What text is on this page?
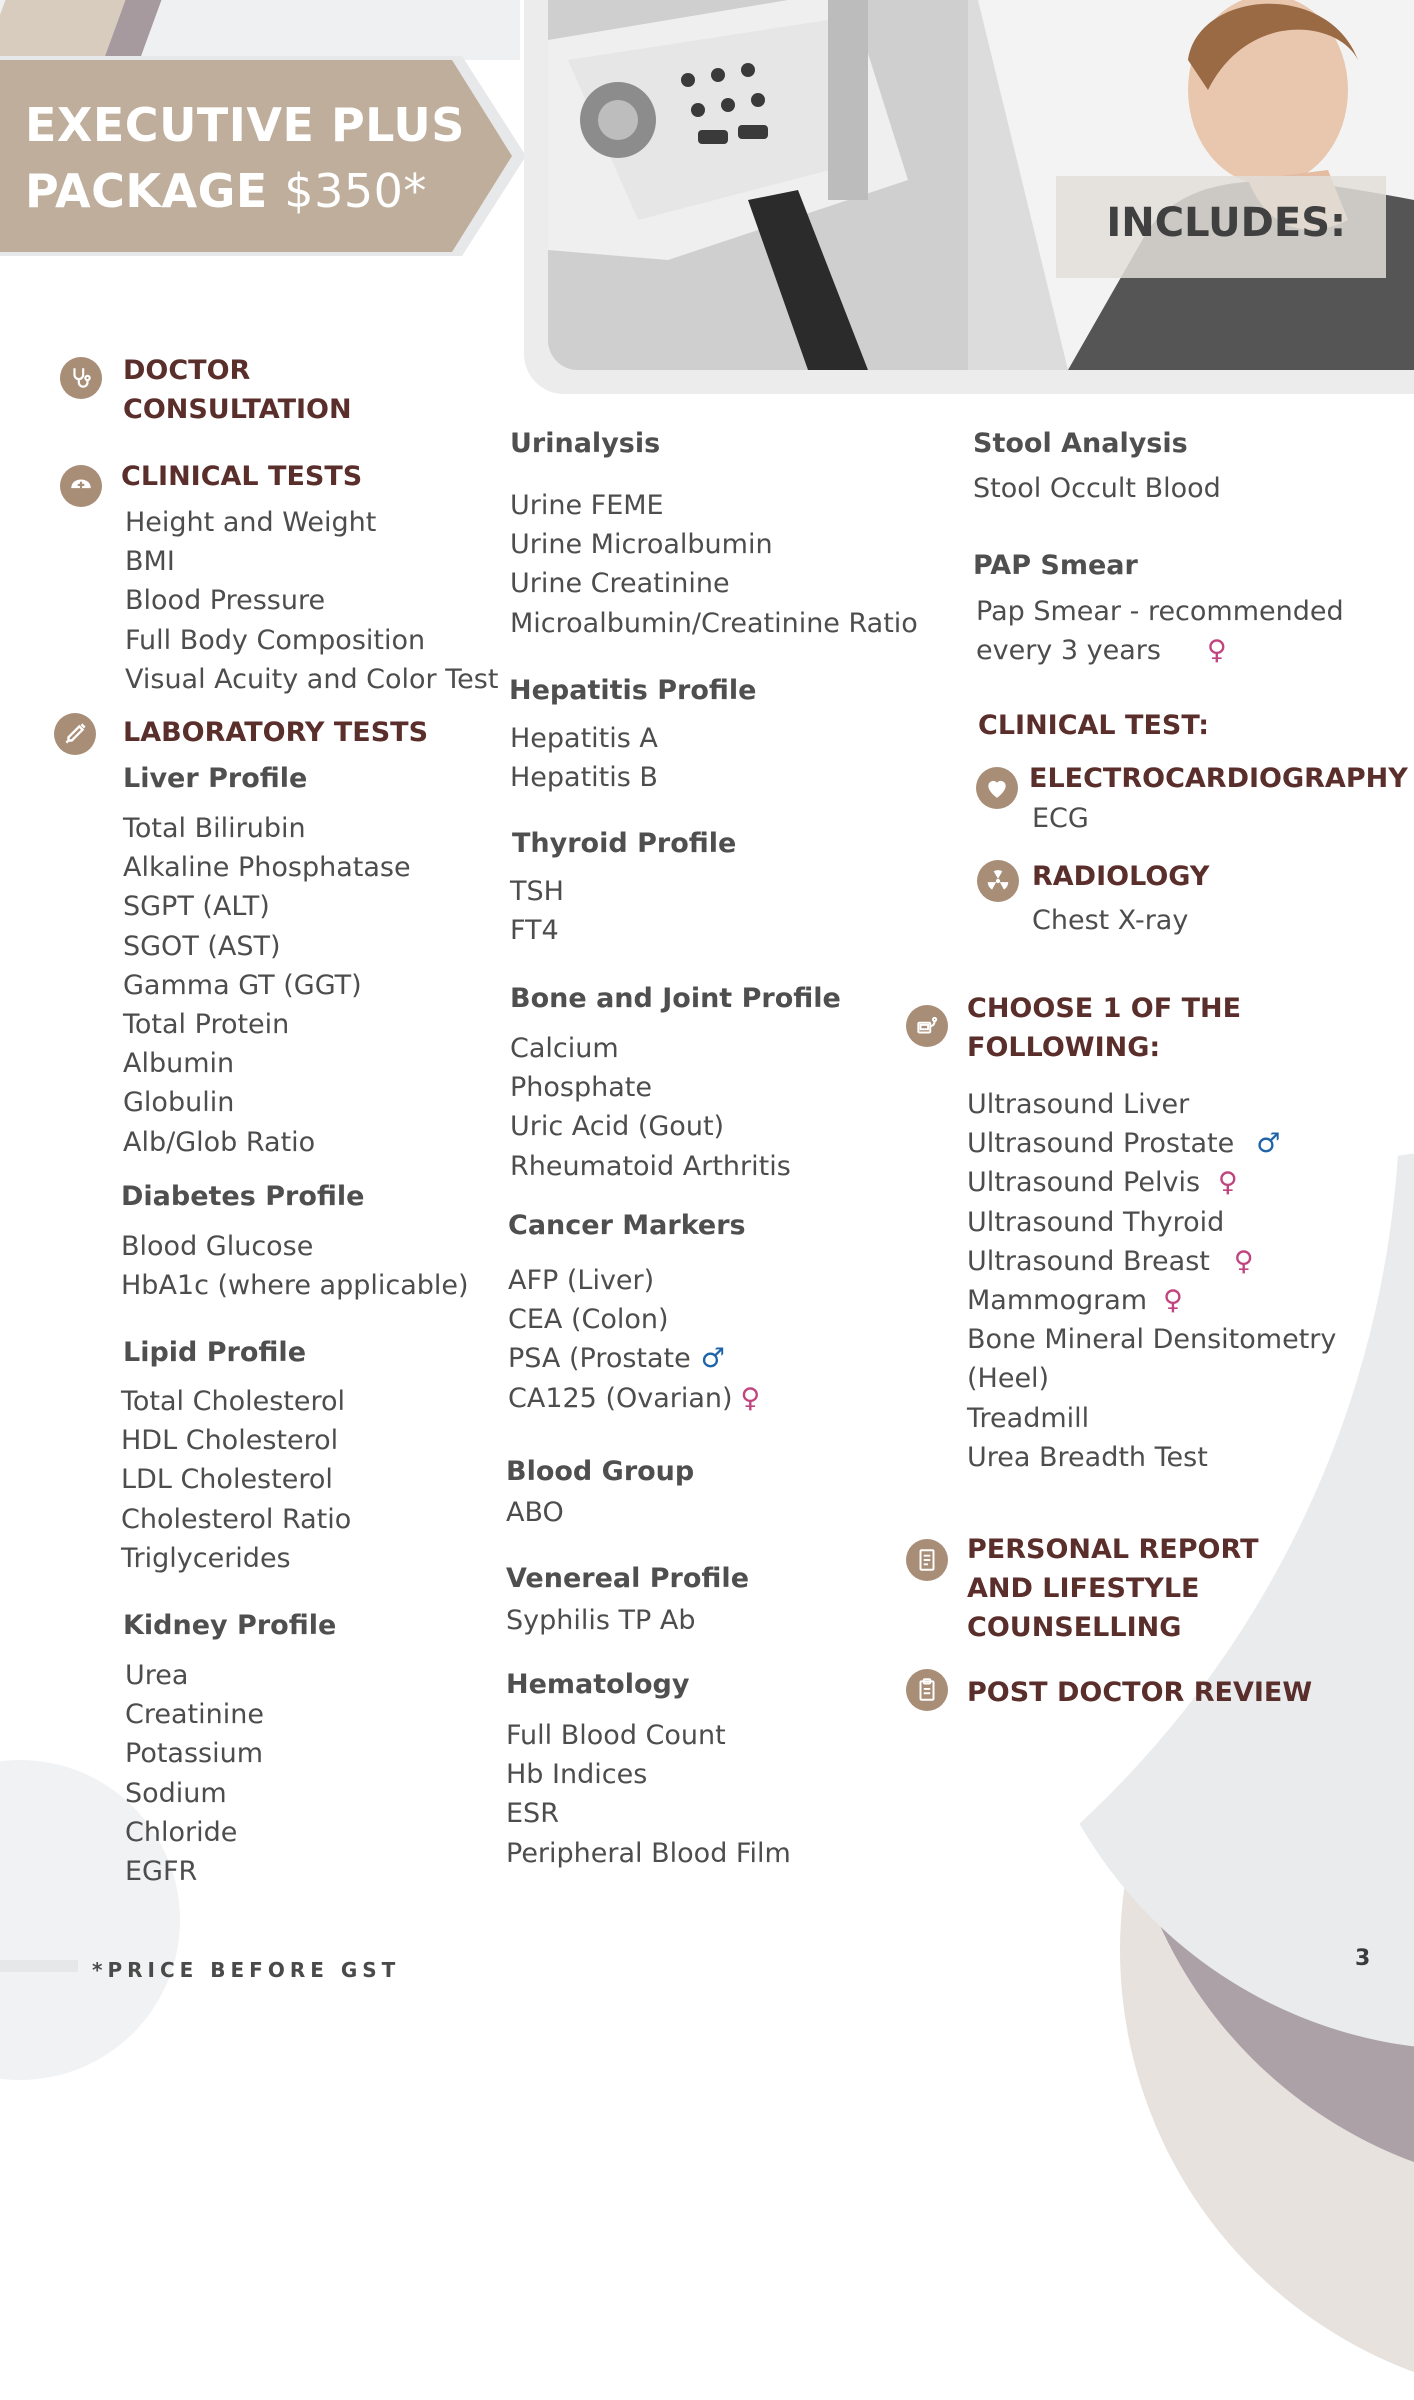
EXECUTIVE PLUS
PACKAGE $350*
INCLUDES:
DOCTOR
CONSULTATION
CLINICAL TESTS
Height and Weight
BMI
Blood Pressure
Full Body Composition
Visual Acuity and Color Test
LABORATORY TESTS
Liver Profile
Total Bilirubin
Alkaline Phosphatase
SGPT (ALT)
SGOT (AST)
Gamma GT (GGT)
Total Protein
Albumin
Globulin
Alb/Glob Ratio
Diabetes Profile
Blood Glucose
HbA1c (where applicable)
Lipid Profile
Total Cholesterol
HDL Cholesterol
LDL Cholesterol
Cholesterol Ratio
Triglycerides
Kidney Profile
Urea
Creatinine
Potassium
Sodium
Chloride
EGFR
Urinalysis
Urine FEME
Urine Microalbumin
Urine Creatinine
Microalbumin/Creatinine Ratio
Hepatitis Profile
Hepatitis A
Hepatitis B
Thyroid Profile
TSH
FT4
Bone and Joint Profile
Calcium
Phosphate
Uric Acid (Gout)
Rheumatoid Arthritis
Cancer Markers
AFP (Liver)
CEA (Colon)
PSA (Prostate ♂
CA125 (Ovarian) ♀
Blood Group
ABO
Venereal Profile
Syphilis TP Ab
Hematology
Full Blood Count
Hb Indices
ESR
Peripheral Blood Film
Stool Analysis
Stool Occult Blood
PAP Smear
Pap Smear - recommended
every 3 years ♀
CLINICAL TEST:
ELECTROCARDIOGRAPHY
ECG
RADIOLOGY
Chest X-ray
CHOOSE 1 OF THE
FOLLOWING:
Ultrasound Liver
Ultrasound Prostate ♂
Ultrasound Pelvis ♀
Ultrasound Thyroid
Ultrasound Breast ♀
Mammogram ♀
Bone Mineral Densitometry
(Heel)
Treadmill
Urea Breadth Test
PERSONAL REPORT
AND LIFESTYLE
COUNSELLING
POST DOCTOR REVIEW
*PRICE BEFORE GST	3
